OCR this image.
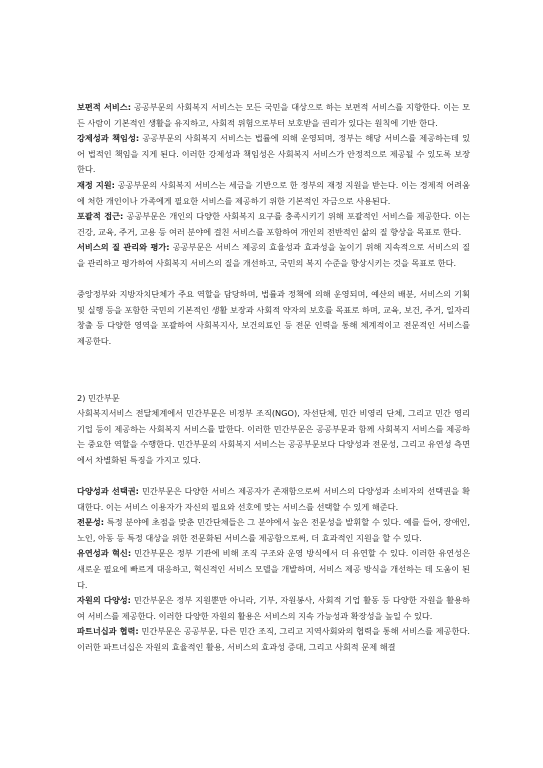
보편적 서비스: 공공부문의 사회복지 서비스는 모든 국민을 대상으로 하는 보편적 서비스를 지향한다. 이는 모든 사람이 기본적인 생활을 유지하고, 사회적 위험으로부터 보호받을 권리가 있다는 원칙에 기반 한다.

강제성과 책임성: 공공부문의 사회복지 서비스는 법률에 의해 운영되며, 정부는 해당 서비스를 제공하는데 있어 법적인 책임을 지게 된다. 이러한 강제성과 책임성은 사회복지 서비스가 안정적으로 제공될 수 있도록 보장한다.

재정 지원: 공공부문의 사회복지 서비스는 세금을 기반으로 한 정부의 재정 지원을 받는다. 이는 경제적 어려움에 처한 개인이나 가족에게 필요한 서비스를 제공하기 위한 기본적인 자금으로 사용된다.

포괄적 접근: 공공부문은 개인의 다양한 사회복지 요구를 충족시키기 위해 포괄적인 서비스를 제공한다. 이는 건강, 교육, 주거, 고용 등 여러 분야에 걸친 서비스를 포함하여 개인의 전반적인 삶의 질 향상을 목표로 한다.

서비스의 질 관리와 평가: 공공부문은 서비스 제공의 효율성과 효과성을 높이기 위해 지속적으로 서비스의 질을 관리하고 평가하여 사회복지 서비스의 질을 개선하고, 국민의 복지 수준을 향상시키는 것을 목표로 한다.

중앙정부와 지방자치단체가 주요 역할을 담당하며, 법률과 정책에 의해 운영되며, 예산의 배분, 서비스의 기획 및 실행 등을 포함한 국민의 기본적인 생활 보장과 사회적 약자의 보호를 목표로 하며, 교육, 보건, 주거, 일자리 창출 등 다양한 영역을 포괄하여 사회복지사, 보건의료인 등 전문 인력을 통해 체계적이고 전문적인 서비스를 제공한다.

2) 민간부문

사회복지서비스 전달체계에서 민간부문은 비정부 조직(NGO), 자선단체, 민간 비영리 단체, 그리고 민간 영리 기업 등이 제공하는 사회복지 서비스를 말한다. 이러한 민간부문은 공공부문과 함께 사회복지 서비스를 제공하는 중요한 역할을 수행한다. 민간부문의 사회복지 서비스는 공공부문보다 다양성과 전문성, 그리고 유연성 측면에서 차별화된 특징을 가지고 있다.

다양성과 선택권: 민간부문은 다양한 서비스 제공자가 존재함으로써 서비스의 다양성과 소비자의 선택권을 확대한다. 이는 서비스 이용자가 자신의 필요와 선호에 맞는 서비스를 선택할 수 있게 해준다.

전문성: 특정 분야에 초점을 맞춘 민간단체들은 그 분야에서 높은 전문성을 발휘할 수 있다. 예를 들어, 장애인, 노인, 아동 등 특정 대상을 위한 전문화된 서비스를 제공함으로써, 더 효과적인 지원을 할 수 있다.

유연성과 혁신: 민간부문은 정부 기관에 비해 조직 구조와 운영 방식에서 더 유연할 수 있다. 이러한 유연성은 새로운 필요에 빠르게 대응하고, 혁신적인 서비스 모델을 개발하며, 서비스 제공 방식을 개선하는 데 도움이 된다.

자원의 다양성: 민간부문은 정부 지원뿐만 아니라, 기부, 자원봉사, 사회적 기업 활동 등 다양한 자원을 활용하여 서비스를 제공한다. 이러한 다양한 자원의 활용은 서비스의 지속 가능성과 확장성을 높일 수 있다.

파트너십과 협력: 민간부문은 공공부문, 다른 민간 조직, 그리고 지역사회와의 협력을 통해 서비스를 제공한다. 이러한 파트너십은 자원의 효율적인 활용, 서비스의 효과성 증대, 그리고 사회적 문제 해결
